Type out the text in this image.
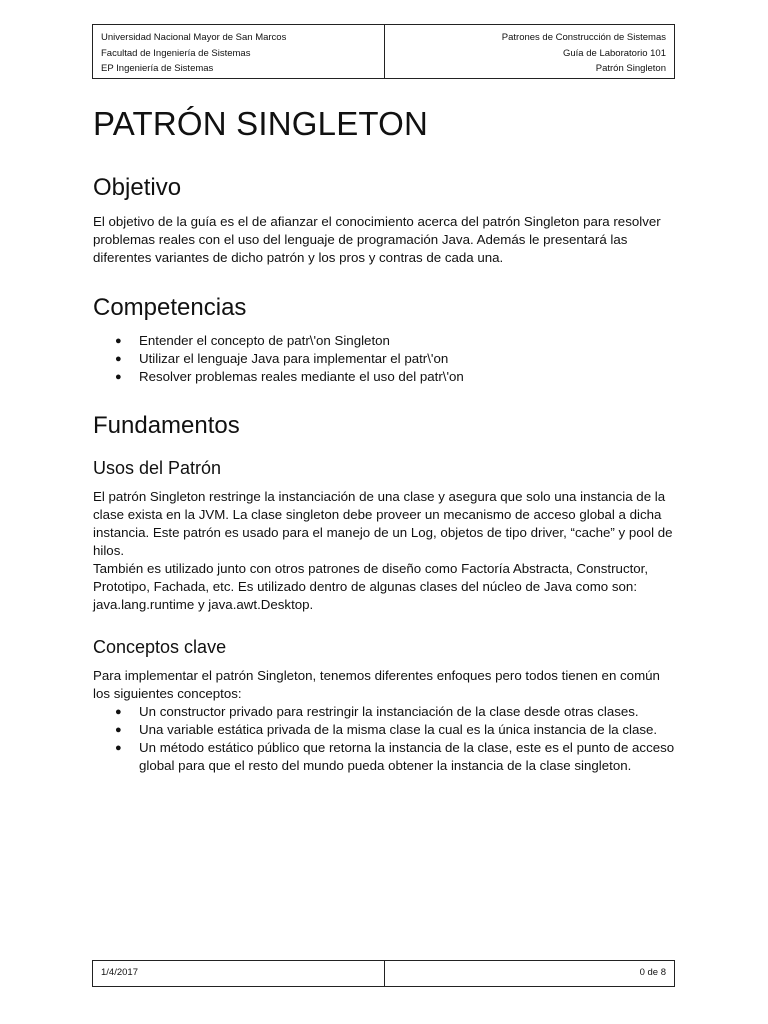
Universidad Nacional Mayor de San Marcos
Facultad de Ingeniería de Sistemas
EP Ingeniería de Sistemas
Patrones de Construcción de Sistemas
Guía de Laboratorio 101
Patrón Singleton
PATRÓN SINGLETON
Objetivo

El objetivo de la guía es el de afianzar el conocimiento acerca del patrón Singleton para resolver problemas reales con el uso del lenguaje de programación Java. Además le presentará las diferentes variantes de dicho patrón y los pros y contras de cada una.

Competencias
● Entender el concepto de patr\'on Singleton
● Utilizar el lenguaje Java para implementar el patr\'on
● Resolver problemas reales mediante el uso del patr\'on
Fundamentos
Usos del Patrón

El patrón Singleton restringe la instanciación de una clase y asegura que solo una instancia de la clase exista en la JVM. La clase singleton debe proveer un mecanismo de acceso global a dicha instancia. Este patrón es usado para el manejo de un Log, objetos de tipo driver, “cache” y pool de hilos.

También es utilizado junto con otros patrones de diseño como Factoría Abstracta, Constructor, Prototipo, Fachada, etc. Es utilizado dentro de algunas clases del núcleo de Java como son: java.lang.runtime y java.awt.Desktop.

Conceptos clave

Para implementar el patrón Singleton, tenemos diferentes enfoques pero todos tienen en común los siguientes conceptos:

● Un constructor privado para restringir la instanciación de la clase desde otras clases.
● Una variable estática privada de la misma clase la cual es la única instancia de la clase.
● Un método estático público que retorna la instancia de la clase, este es el punto de acceso global para que el resto del mundo pueda obtener la instancia de la clase singleton.
1/4/2017	0 de 8
